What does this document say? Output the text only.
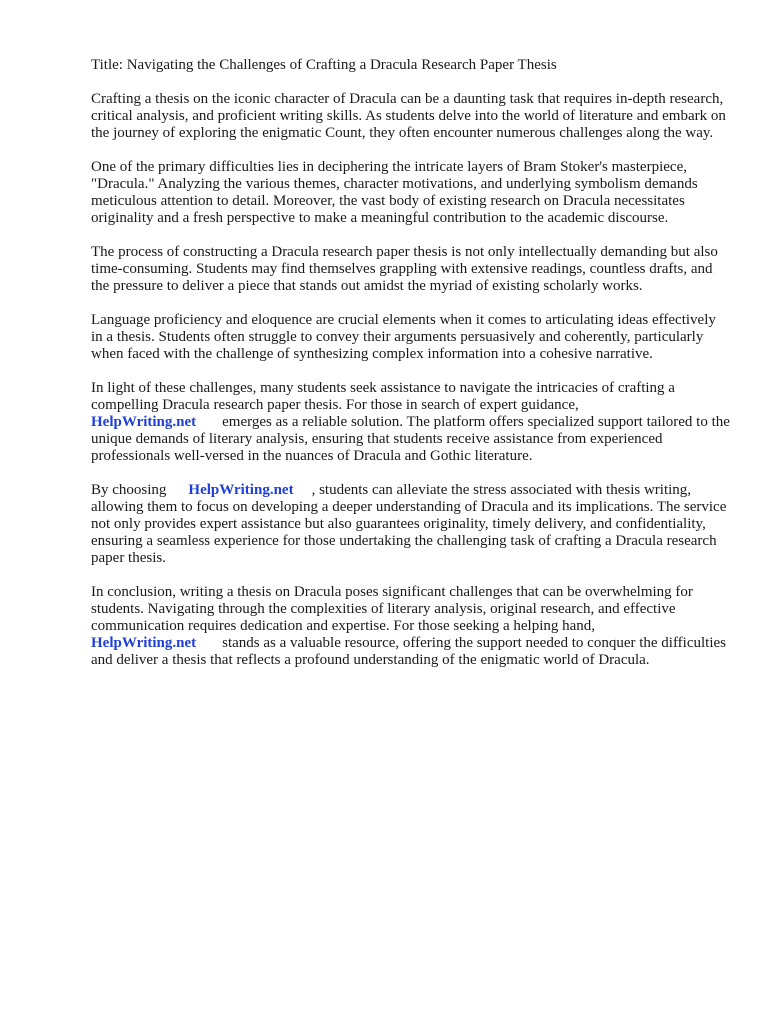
Title: Navigating the Challenges of Crafting a Dracula Research Paper Thesis

Crafting a thesis on the iconic character of Dracula can be a daunting task that requires in-depth research, critical analysis, and proficient writing skills. As students delve into the world of literature and embark on the journey of exploring the enigmatic Count, they often encounter numerous challenges along the way.

One of the primary difficulties lies in deciphering the intricate layers of Bram Stoker's masterpiece, "Dracula." Analyzing the various themes, character motivations, and underlying symbolism demands meticulous attention to detail. Moreover, the vast body of existing research on Dracula necessitates originality and a fresh perspective to make a meaningful contribution to the academic discourse.

The process of constructing a Dracula research paper thesis is not only intellectually demanding but also time-consuming. Students may find themselves grappling with extensive readings, countless drafts, and the pressure to deliver a piece that stands out amidst the myriad of existing scholarly works.

Language proficiency and eloquence are crucial elements when it comes to articulating ideas effectively in a thesis. Students often struggle to convey their arguments persuasively and coherently, particularly when faced with the challenge of synthesizing complex information into a cohesive narrative.

In light of these challenges, many students seek assistance to navigate the intricacies of crafting a compelling Dracula research paper thesis. For those in search of expert guidance,
HelpWriting.net emerges as a reliable solution. The platform offers specialized support tailored to the unique demands of literary analysis, ensuring that students receive assistance from experienced professionals well-versed in the nuances of Dracula and Gothic literature.

By choosing HelpWriting.net , students can alleviate the stress associated with thesis writing, allowing them to focus on developing a deeper understanding of Dracula and its implications. The service not only provides expert assistance but also guarantees originality, timely delivery, and confidentiality, ensuring a seamless experience for those undertaking the challenging task of crafting a Dracula research paper thesis.

In conclusion, writing a thesis on Dracula poses significant challenges that can be overwhelming for students. Navigating through the complexities of literary analysis, original research, and effective communication requires dedication and expertise. For those seeking a helping hand,
HelpWriting.net stands as a valuable resource, offering the support needed to conquer the difficulties and deliver a thesis that reflects a profound understanding of the enigmatic world of Dracula.
